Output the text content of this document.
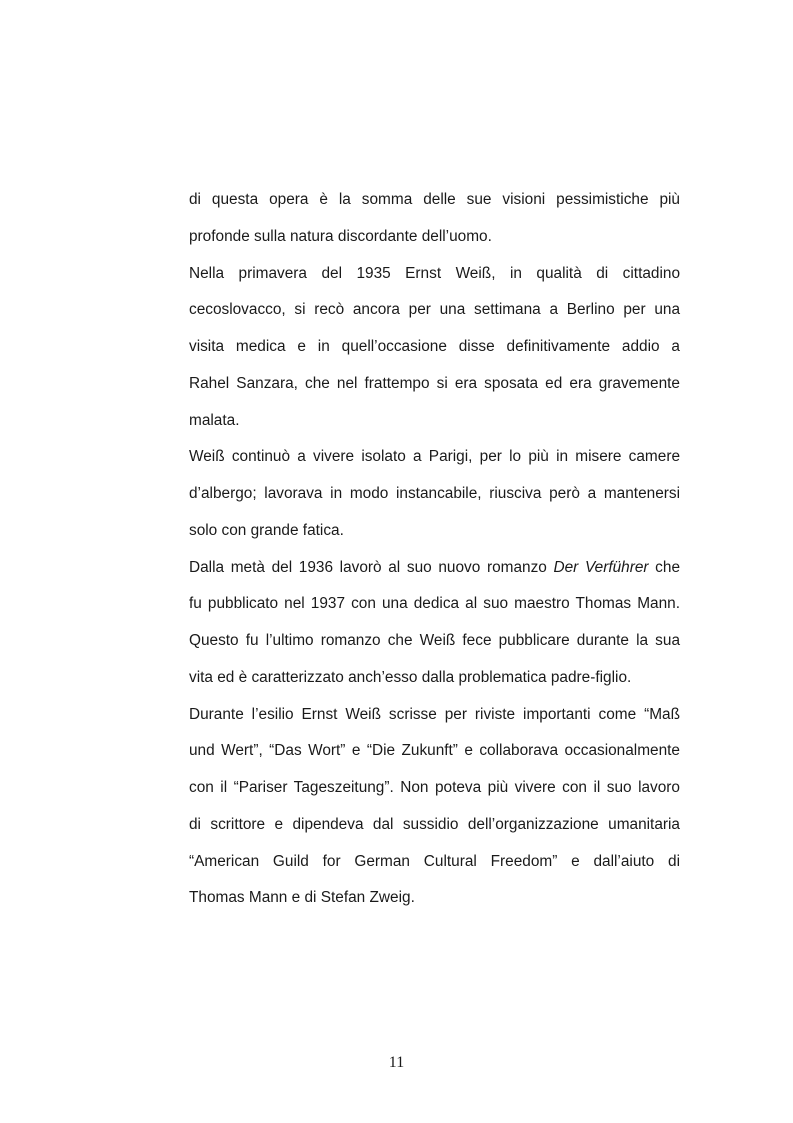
di questa opera è la somma delle sue visioni pessimistiche più
profonde sulla natura discordante dell’uomo.
Nella primavera del 1935 Ernst Weiß, in qualità di cittadino
cecoslovacco, si recò ancora per una settimana a Berlino per una
visita medica e in quell’occasione disse definitivamente addio a
Rahel Sanzara, che nel frattempo si era sposata ed era gravemente
malata.
Weiß continuò a vivere isolato a Parigi, per lo più in misere camere
d’albergo; lavorava in modo instancabile, riusciva però a mantenersi
solo con grande fatica.
Dalla metà del 1936 lavorò al suo nuovo romanzo Der Verführer che
fu pubblicato nel 1937 con una dedica al suo maestro Thomas Mann.
Questo fu l’ultimo romanzo che Weiß fece pubblicare durante la sua
vita ed è caratterizzato anch’esso dalla problematica padre-figlio.
Durante l’esilio Ernst Weiß scrisse per riviste importanti come “Maß
und Wert”, “Das Wort” e “Die Zukunft” e collaborava occasionalmente
con il “Pariser Tageszeitung”. Non poteva più vivere con il suo lavoro
di scrittore e dipendeva dal sussidio dell’organizzazione umanitaria
“American Guild for German Cultural Freedom” e dall’aiuto di
Thomas Mann e di Stefan Zweig.
11
